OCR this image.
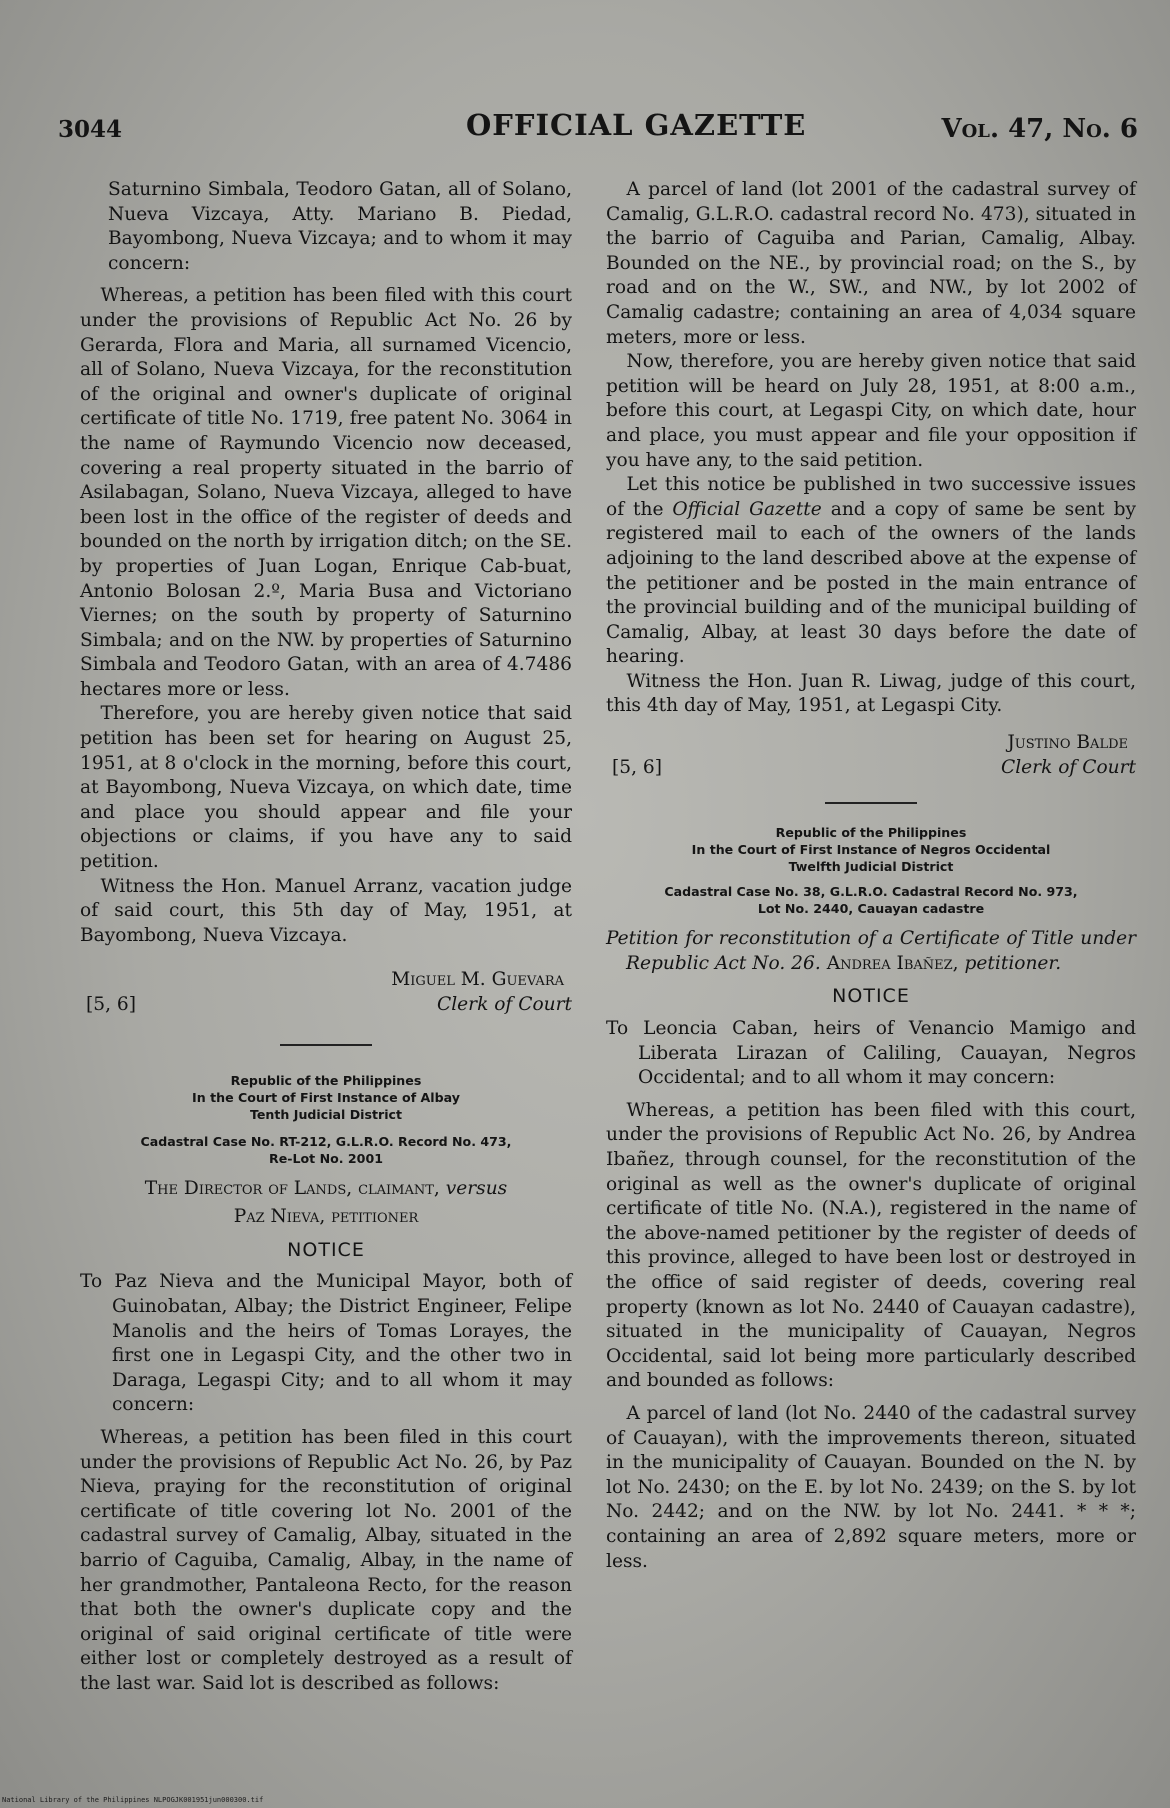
3044	OFFICIAL GAZETTE	Vol. 47, No. 6

Saturnino Simbala, Teodoro Gatan, all of Solano, Nueva Vizcaya, Atty. Mariano B. Piedad, Bayombong, Nueva Vizcaya; and to whom it may concern:

Whereas, a petition has been filed with this court under the provisions of Republic Act No. 26 by Gerarda, Flora and Maria, all surnamed Vicencio, all of Solano, Nueva Vizcaya, for the reconstitution of the original and owner's duplicate of original certificate of title No. 1719, free patent No. 3064 in the name of Raymundo Vicencio now deceased, covering a real property situated in the barrio of Asilabagan, Solano, Nueva Vizcaya, alleged to have been lost in the office of the register of deeds and bounded on the north by irrigation ditch; on the SE. by properties of Juan Logan, Enrique Cab-buat, Antonio Bolosan 2.º, Maria Busa and Victoriano Viernes; on the south by property of Saturnino Simbala; and on the NW. by properties of Saturnino Simbala and Teodoro Gatan, with an area of 4.7486 hectares more or less.

Therefore, you are hereby given notice that said petition has been set for hearing on August 25, 1951, at 8 o'clock in the morning, before this court, at Bayombong, Nueva Vizcaya, on which date, time and place you should appear and file your objections or claims, if you have any to said petition.

Witness the Hon. Manuel Arranz, vacation judge of said court, this 5th day of May, 1951, at Bayombong, Nueva Vizcaya.

[5, 6]
Miguel M. Guevara
Clerk of Court
Republic of the Philippines
In the Court of First Instance of Albay
Tenth Judicial District
Cadastral Case No. RT-212, G.L.R.O. Record No. 473,
Re-Lot No. 2001
The Director of Lands, claimant, versus
Paz Nieva, petitioner
NOTICE

To Paz Nieva and the Municipal Mayor, both of Guinobatan, Albay; the District Engineer, Felipe Manolis and the heirs of Tomas Lorayes, the first one in Legaspi City, and the other two in Daraga, Legaspi City; and to all whom it may concern:

Whereas, a petition has been filed in this court under the provisions of Republic Act No. 26, by Paz Nieva, praying for the reconstitution of original certificate of title covering lot No. 2001 of the cadastral survey of Camalig, Albay, situated in the barrio of Caguiba, Camalig, Albay, in the name of her grandmother, Pantaleona Recto, for the reason that both the owner's duplicate copy and the original of said original certificate of title were either lost or completely destroyed as a result of the last war. Said lot is described as follows:

A parcel of land (lot 2001 of the cadastral survey of Camalig, G.L.R.O. cadastral record No. 473), situated in the barrio of Caguiba and Parian, Camalig, Albay. Bounded on the NE., by provincial road; on the S., by road and on the W., SW., and NW., by lot 2002 of Camalig cadastre; containing an area of 4,034 square meters, more or less.

Now, therefore, you are hereby given notice that said petition will be heard on July 28, 1951, at 8:00 a.m., before this court, at Legaspi City, on which date, hour and place, you must appear and file your opposition if you have any, to the said petition.

Let this notice be published in two successive issues of the Official Gazette and a copy of same be sent by registered mail to each of the owners of the lands adjoining to the land described above at the expense of the petitioner and be posted in the main entrance of the provincial building and of the municipal building of Camalig, Albay, at least 30 days before the date of hearing.

Witness the Hon. Juan R. Liwag, judge of this court, this 4th day of May, 1951, at Legaspi City.

[5, 6]
Justino Balde
Clerk of Court
Republic of the Philippines
In the Court of First Instance of Negros Occidental
Twelfth Judicial District
Cadastral Case No. 38, G.L.R.O. Cadastral Record No. 973,
Lot No. 2440, Cauayan cadastre
Petition for reconstitution of a Certificate of Title under Republic Act No. 26. Andrea Ibañez, petitioner.
NOTICE

To Leoncia Caban, heirs of Venancio Mamigo and Liberata Lirazan of Caliling, Cauayan, Negros Occidental; and to all whom it may concern:

Whereas, a petition has been filed with this court, under the provisions of Republic Act No. 26, by Andrea Ibañez, through counsel, for the reconstitution of the original as well as the owner's duplicate of original certificate of title No. (N.A.), registered in the name of the above-named petitioner by the register of deeds of this province, alleged to have been lost or destroyed in the office of said register of deeds, covering real property (known as lot No. 2440 of Cauayan cadastre), situated in the municipality of Cauayan, Negros Occidental, said lot being more particularly described and bounded as follows:

A parcel of land (lot No. 2440 of the cadastral survey of Cauayan), with the improvements thereon, situated in the municipality of Cauayan. Bounded on the N. by lot No. 2430; on the E. by lot No. 2439; on the S. by lot No. 2442; and on the NW. by lot No. 2441. * * *; containing an area of 2,892 square meters, more or less.

National Library of the Philippines NLPOGJK001951jun000300.tif
